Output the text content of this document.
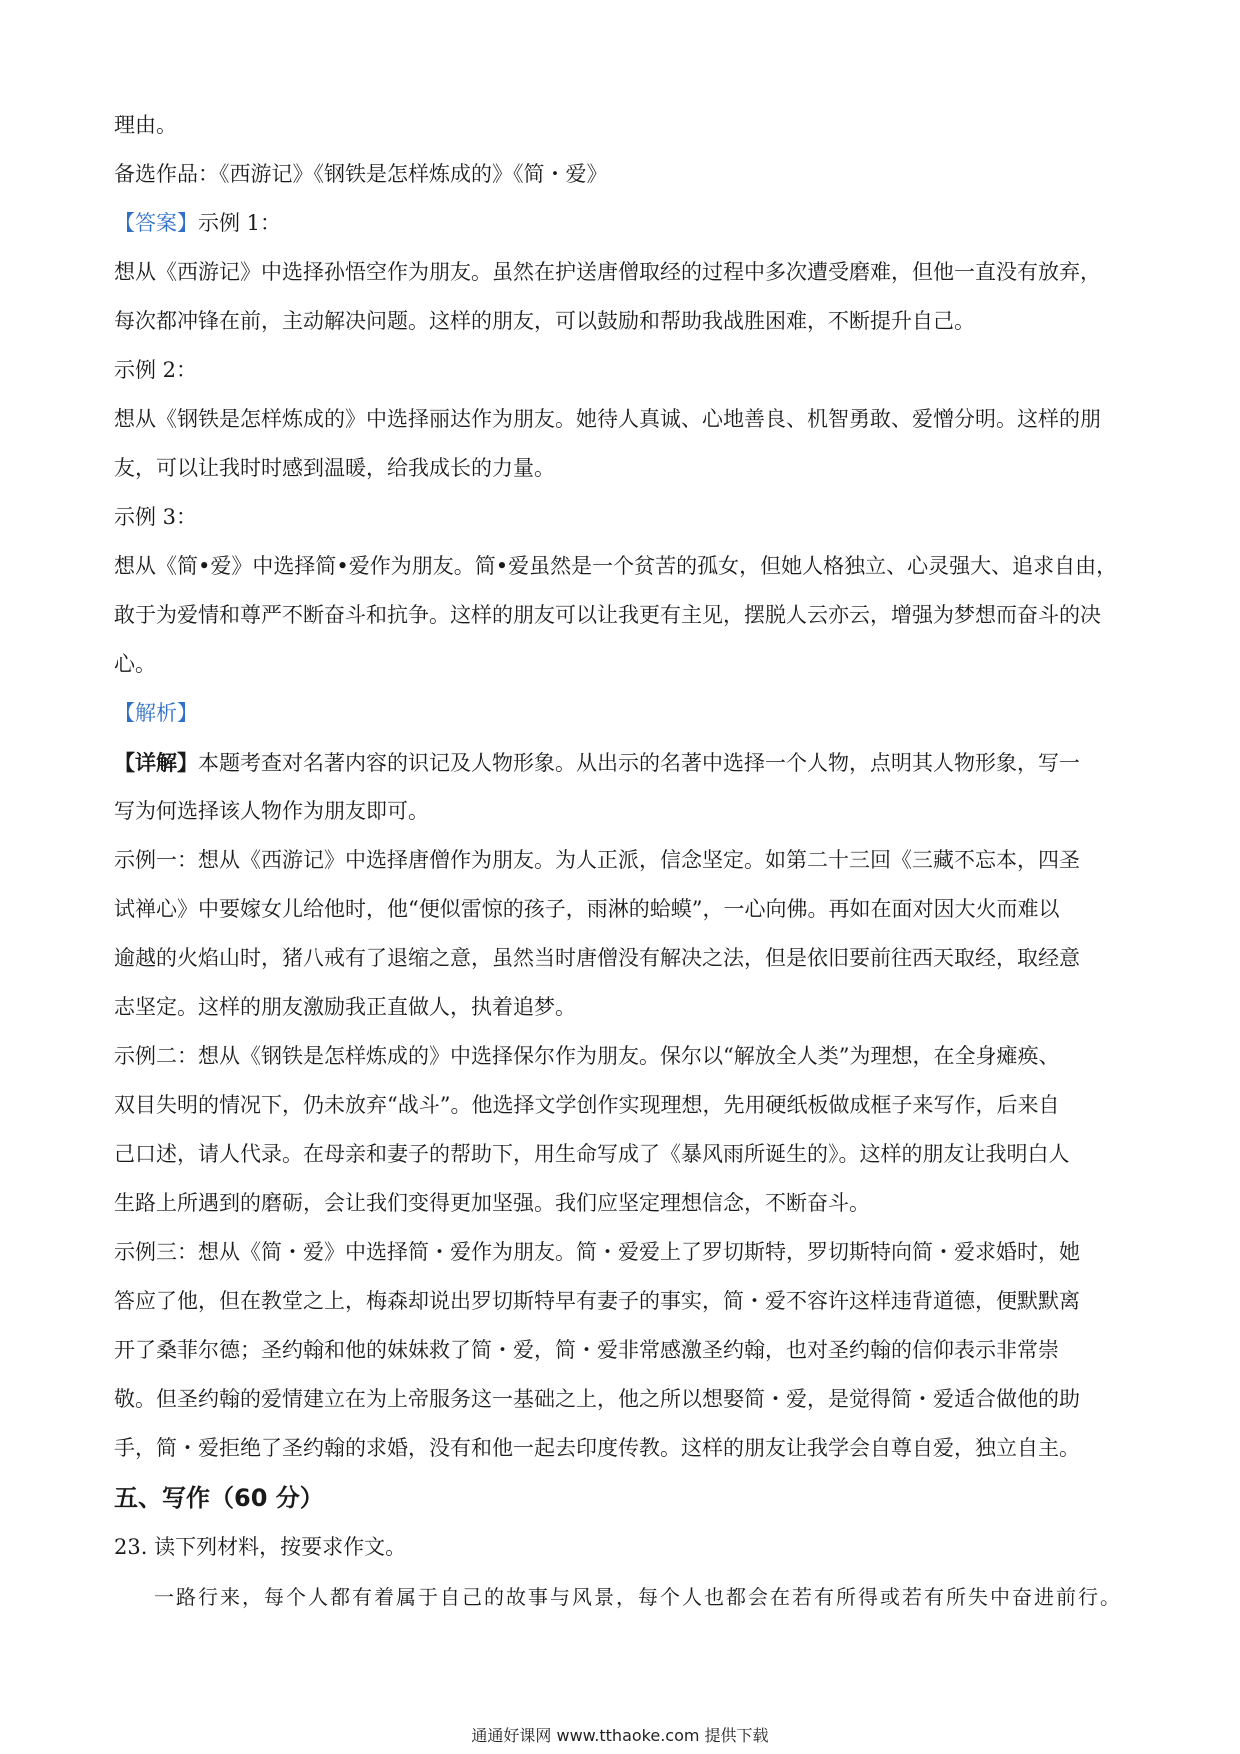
理由。
备选作品：《西游记》《钢铁是怎样炼成的》《简・爱》
【答案】示例 1：
想从《西游记》中选择孙悟空作为朋友。虽然在护送唐僧取经的过程中多次遭受磨难，但他一直没有放弃，
每次都冲锋在前，主动解决问题。这样的朋友，可以鼓励和帮助我战胜困难，不断提升自己。
示例 2：
想从《钢铁是怎样炼成的》中选择丽达作为朋友。她待人真诚、心地善良、机智勇敢、爱憎分明。这样的朋
友，可以让我时时感到温暖，给我成长的力量。
示例 3：
想从《简•爱》中选择简•爱作为朋友。简•爱虽然是一个贫苦的孤女，但她人格独立、心灵强大、追求自由，
敢于为爱情和尊严不断奋斗和抗争。这样的朋友可以让我更有主见，摆脱人云亦云，增强为梦想而奋斗的决
心。
【解析】
【详解】本题考查对名著内容的识记及人物形象。从出示的名著中选择一个人物，点明其人物形象，写一
写为何选择该人物作为朋友即可。
示例一：想从《西游记》中选择唐僧作为朋友。为人正派，信念坚定。如第二十三回《三藏不忘本，四圣
试禅心》中要嫁女儿给他时，他“便似雷惊的孩子，雨淋的蛤蟆”，一心向佛。再如在面对因大火而难以
逾越的火焰山时，猪八戒有了退缩之意，虽然当时唐僧没有解决之法，但是依旧要前往西天取经，取经意
志坚定。这样的朋友激励我正直做人，执着追梦。
示例二：想从《钢铁是怎样炼成的》中选择保尔作为朋友。保尔以“解放全人类”为理想，在全身瘫痪、
双目失明的情况下，仍未放弃“战斗”。他选择文学创作实现理想，先用硬纸板做成框子来写作，后来自
己口述，请人代录。在母亲和妻子的帮助下，用生命写成了《暴风雨所诞生的》。这样的朋友让我明白人
生路上所遇到的磨砺，会让我们变得更加坚强。我们应坚定理想信念，不断奋斗。
示例三：想从《简・爱》中选择简・爱作为朋友。简・爱爱上了罗切斯特，罗切斯特向简・爱求婚时，她
答应了他，但在教堂之上，梅森却说出罗切斯特早有妻子的事实，简・爱不容许这样违背道德，便默默离
开了桑菲尔德；圣约翰和他的妹妹救了简・爱，简・爱非常感激圣约翰，也对圣约翰的信仰表示非常崇
敬。但圣约翰的爱情建立在为上帝服务这一基础之上，他之所以想娶简・爱，是觉得简・爱适合做他的助
手，简・爱拒绝了圣约翰的求婚，没有和他一起去印度传教。这样的朋友让我学会自尊自爱，独立自主。
五、写作（60 分）
23. 读下列材料，按要求作文。
一路行来，每个人都有着属于自己的故事与风景，每个人也都会在若有所得或若有所失中奋进前行。
通通好课网 www.tthaoke.com 提供下载
